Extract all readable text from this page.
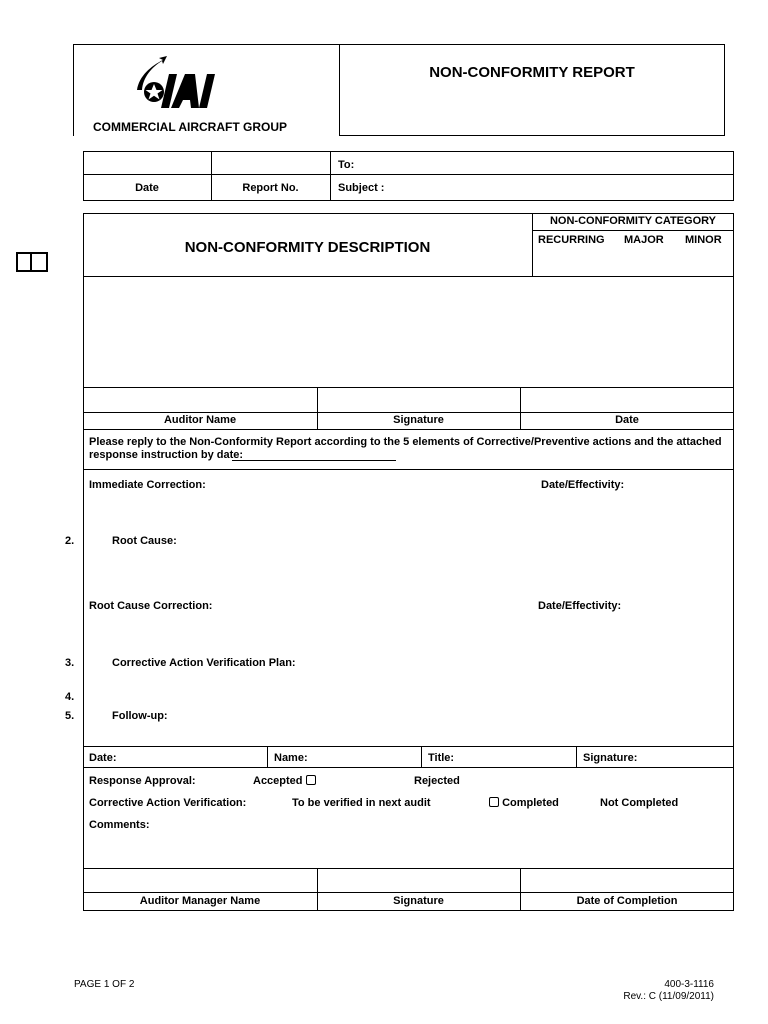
COMMERCIAL AIRCRAFT GROUP
NON-CONFORMITY REPORT
To:
Date	Report No.	Subject :
NON-CONFORMITY DESCRIPTION
NON-CONFORMITY CATEGORY
RECURRING MAJOR MINOR
Auditor Name	Signature	Date
Please reply to the Non-Conformity Report according to the 5 elements of Corrective/Preventive actions and the attached response instruction by date:
Immediate Correction:	Date/Effectivity:
2.	Root Cause:
Root Cause Correction:	Date/Effectivity:
3.	Corrective Action Verification Plan:
4.
5.	Follow-up:
Date:	Name:	Title:	Signature:
Response Approval:	Accepted	Rejected
Corrective Action Verification:	To be verified in next audit	Completed	Not Completed
Comments:
Auditor Manager Name	Signature	Date of Completion
PAGE 1 OF 2	400-3-1116
Rev.: C (11/09/2011)
